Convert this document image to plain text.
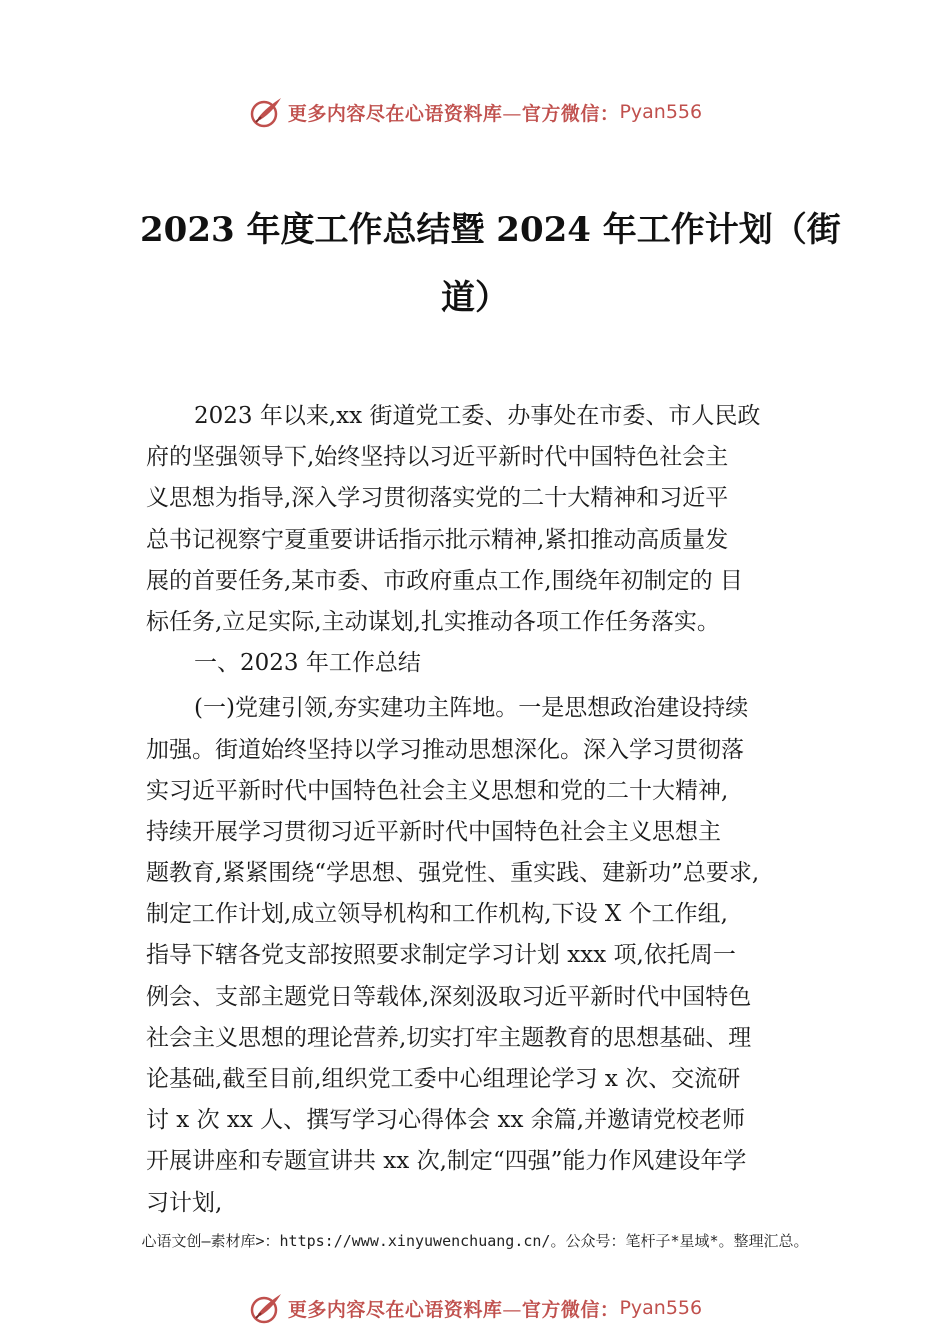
更多内容尽在心语资料库—官方微信： Pyan556
2023 年度工作总结暨 2024 年工作计划（街
道）
2023 年以来,xx 街道党工委、办事处在市委、市人民政
府的坚强领导下,始终坚持以习近平新时代中国特色社会主
义思想为指导,深入学习贯彻落实党的二十大精神和习近平
总书记视察宁夏重要讲话指示批示精神,紧扣推动高质量发
展的首要任务,某市委、市政府重点工作,围绕年初制定的 目
标任务,立足实际,主动谋划,扎实推动各项工作任务落实。
一、2023 年工作总结
(一)党建引领,夯实建功主阵地。一是思想政治建设持续
加强。街道始终坚持以学习推动思想深化。深入学习贯彻落
实习近平新时代中国特色社会主义思想和党的二十大精神,
持续开展学习贯彻习近平新时代中国特色社会主义思想主
题教育,紧紧围绕“学思想、强党性、重实践、建新功”总要求,
制定工作计划,成立领导机构和工作机构,下设 X 个工作组,
指导下辖各党支部按照要求制定学习计划 xxx 项,依托周一
例会、支部主题党日等载体,深刻汲取习近平新时代中国特色
社会主义思想的理论营养,切实打牢主题教育的思想基础、理
论基础,截至目前,组织党工委中心组理论学习 x 次、交流研
讨 x 次 xx 人、撰写学习心得体会 xx 余篇,并邀请党校老师
开展讲座和专题宣讲共 xx 次,制定“四强”能力作风建设年学
习计划,
心语文创—素材库>：https://www.xinyuwenchuang.cn/。公众号：笔杆子*星域*。整理汇总。
更多内容尽在心语资料库—官方微信： Pyan556
